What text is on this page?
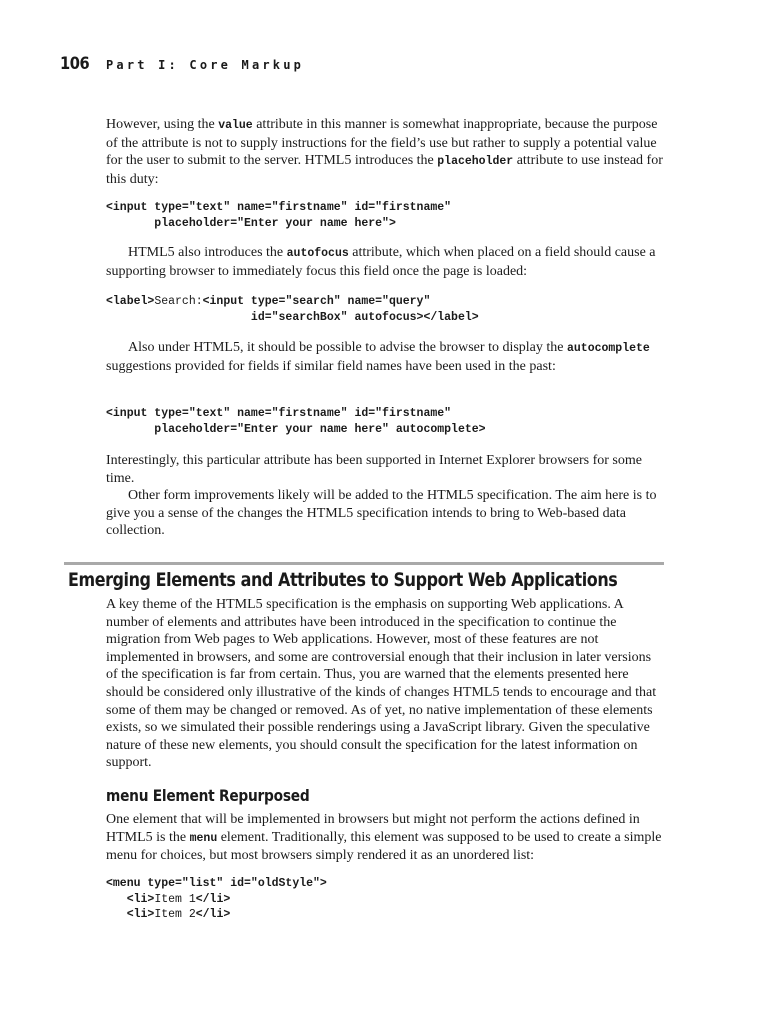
106	Part I: Core Markup

However, using the value attribute in this manner is somewhat inappropriate, because the purpose of the attribute is not to supply instructions for the field’s use but rather to supply a potential value for the user to submit to the server. HTML5 introduces the placeholder attribute to use instead for this duty:

<input type="text" name="firstname" id="firstname"
placeholder="Enter your name here">

HTML5 also introduces the autofocus attribute, which when placed on a field should cause a supporting browser to immediately focus this field once the page is loaded:

<label>Search:<input type="search" name="query"
id="searchBox" autofocus></label>

Also under HTML5, it should be possible to advise the browser to display the autocomplete suggestions provided for fields if similar field names have been used in the past:

<input type="text" name="firstname" id="firstname"
placeholder="Enter your name here" autocomplete>

Interestingly, this particular attribute has been supported in Internet Explorer browsers for some time.

Other form improvements likely will be added to the HTML5 specification. The aim here is to give you a sense of the changes the HTML5 specification intends to bring to Web-based data collection.

Emerging Elements and Attributes to Support Web Applications

A key theme of the HTML5 specification is the emphasis on supporting Web applications. A number of elements and attributes have been introduced in the specification to continue the migration from Web pages to Web applications. However, most of these features are not implemented in browsers, and some are controversial enough that their inclusion in later versions of the specification is far from certain. Thus, you are warned that the elements presented here should be considered only illustrative of the kinds of changes HTML5 tends to encourage and that some of them may be changed or removed. As of yet, no native implementation of these elements exists, so we simulated their possible renderings using a JavaScript library. Given the speculative nature of these new elements, you should consult the specification for the latest information on support.

menu Element Repurposed

One element that will be implemented in browsers but might not perform the actions defined in HTML5 is the menu element. Traditionally, this element was supposed to be used to create a simple menu for choices, but most browsers simply rendered it as an unordered list:

<menu type="list" id="oldStyle">
<li>Item 1</li>
<li>Item 2</li>
